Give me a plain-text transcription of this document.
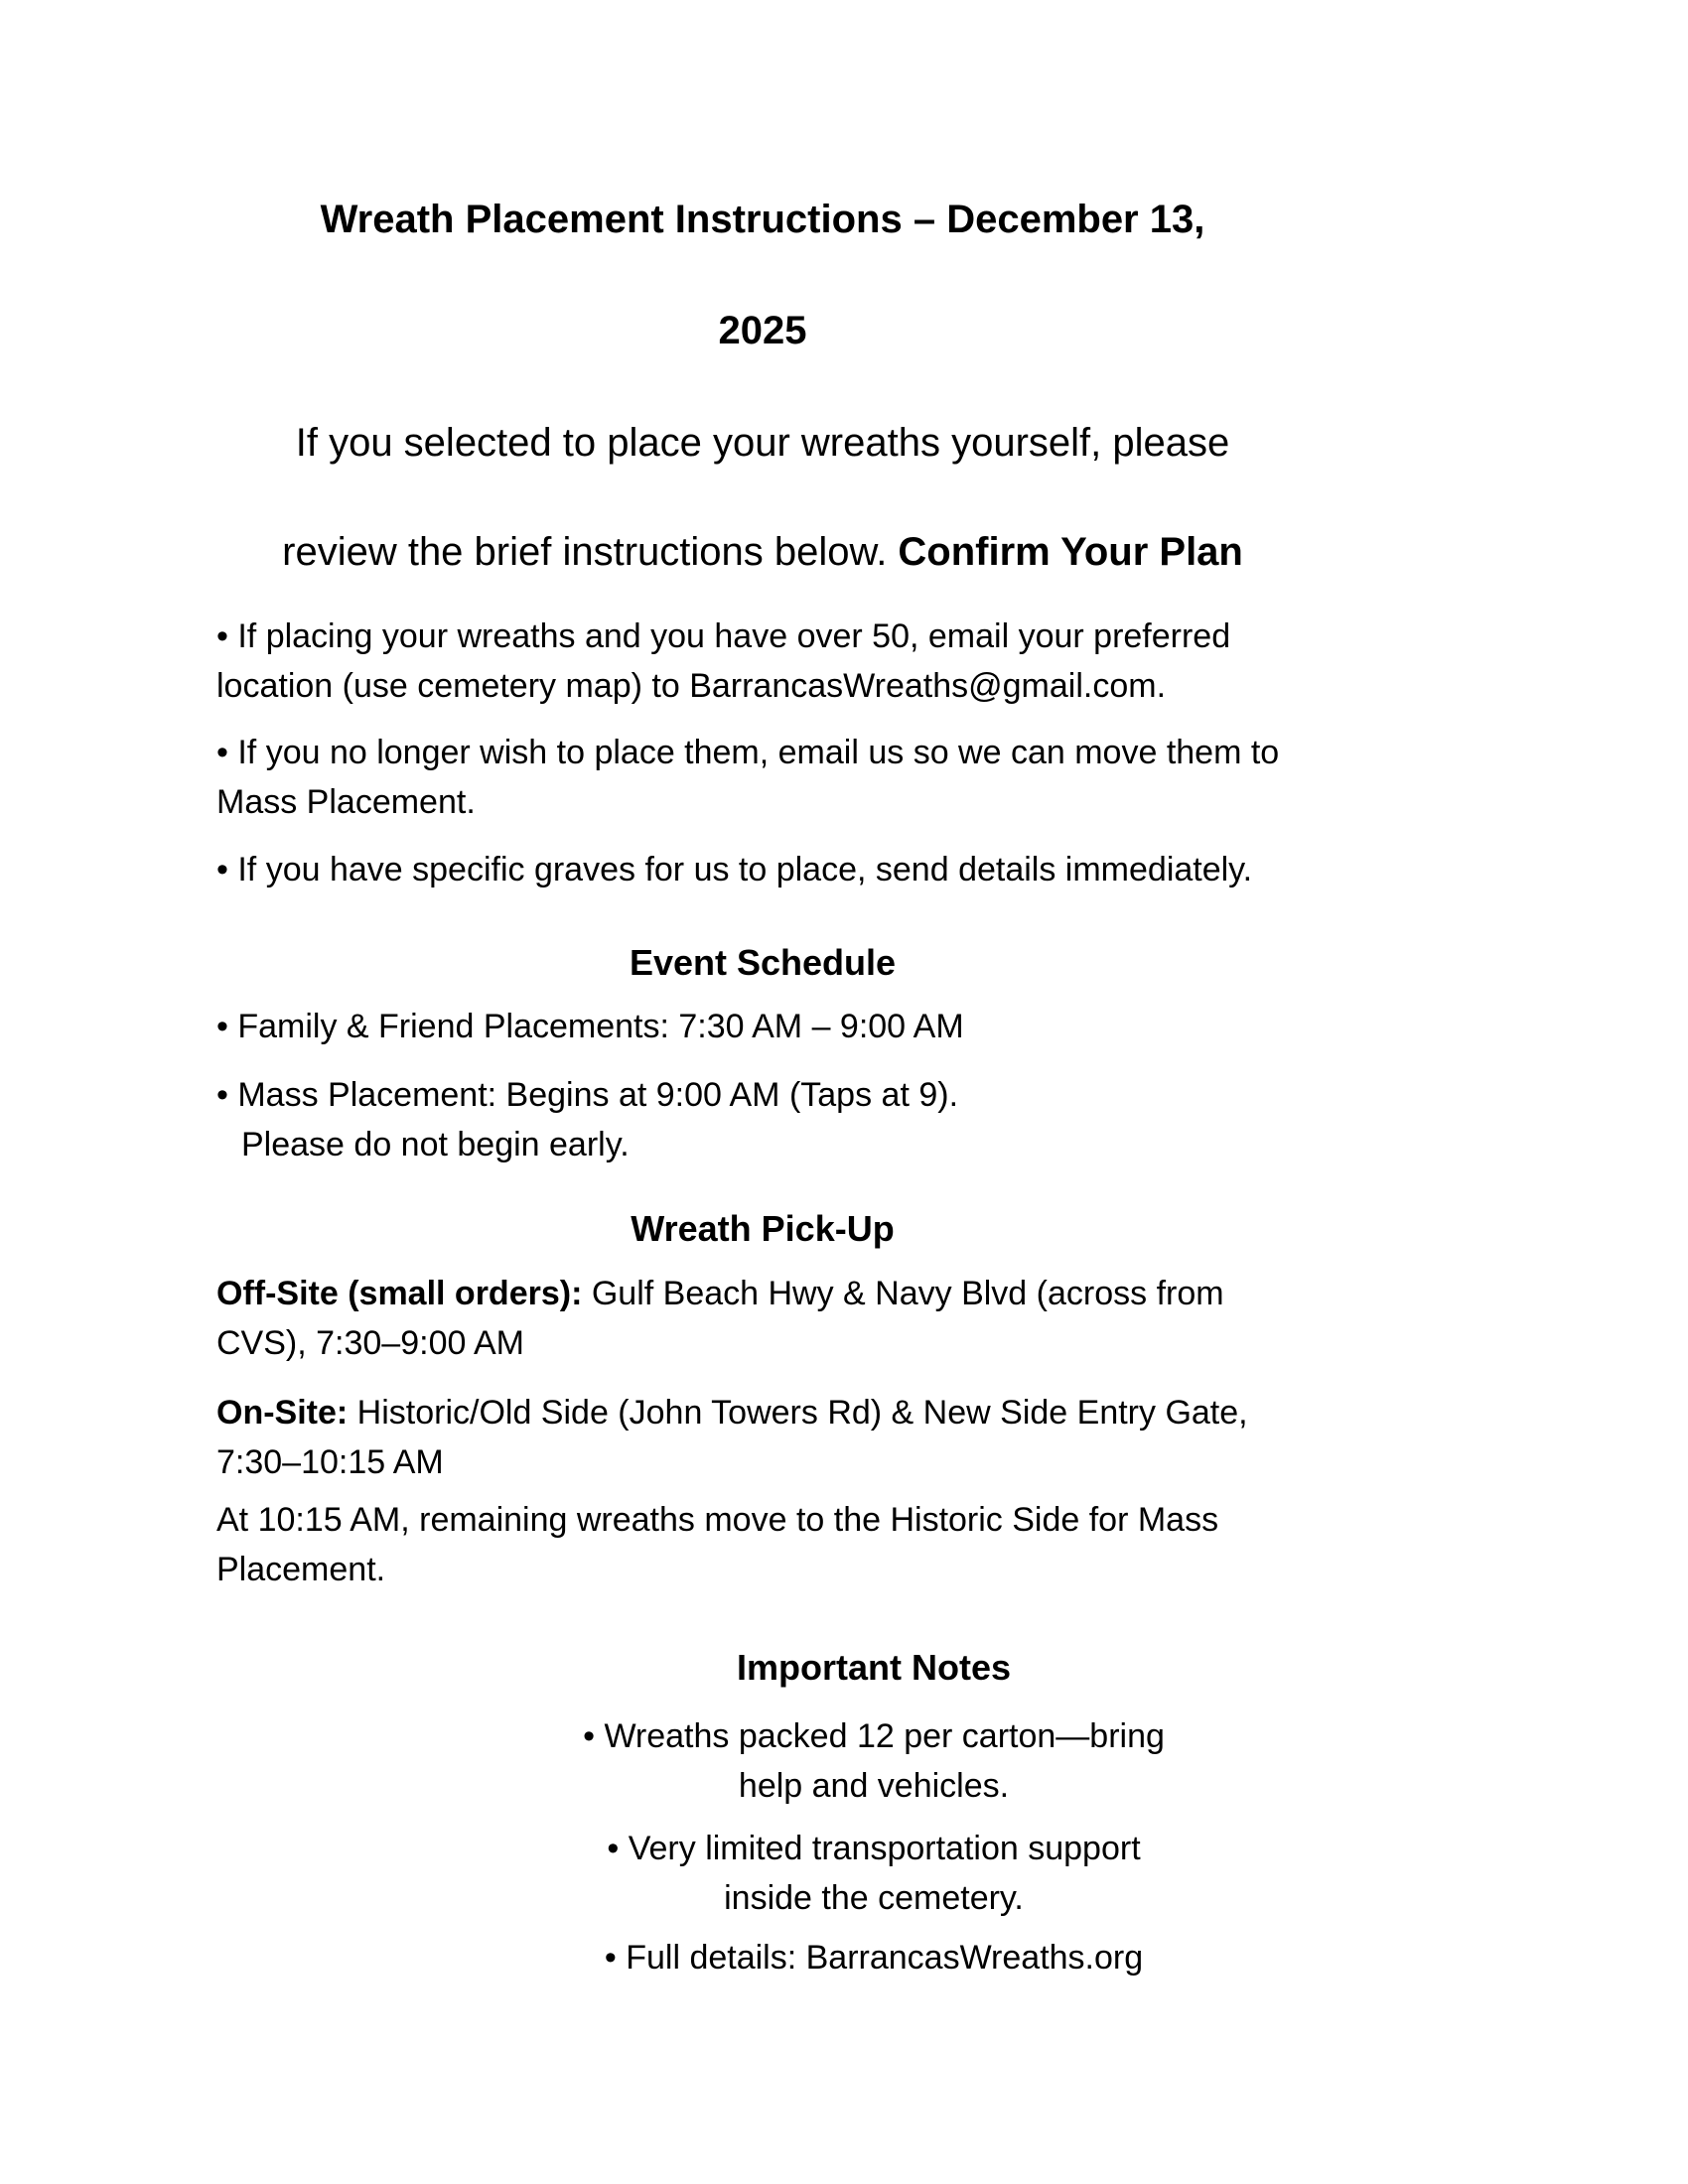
Wreath Placement Instructions – December 13,
2025
If you selected to place your wreaths yourself, please
review the brief instructions below. Confirm Your Plan
• If placing your wreaths and you have over 50, email your preferred
location (use cemetery map) to BarrancasWreaths@gmail.com.
• If you no longer wish to place them, email us so we can move them to
Mass Placement.
• If you have specific graves for us to place, send details immediately.
Event Schedule
• Family & Friend Placements: 7:30 AM – 9:00 AM
• Mass Placement: Begins at 9:00 AM (Taps at 9).
Please do not begin early.
Wreath Pick-Up
Off-Site (small orders): Gulf Beach Hwy & Navy Blvd (across from
CVS), 7:30–9:00 AM
On-Site: Historic/Old Side (John Towers Rd) & New Side Entry Gate,
7:30–10:15 AM
At 10:15 AM, remaining wreaths move to the Historic Side for Mass
Placement.
Important Notes
• Wreaths packed 12 per carton—bring
help and vehicles.
• Very limited transportation support
inside the cemetery.
• Full details: BarrancasWreaths.org
